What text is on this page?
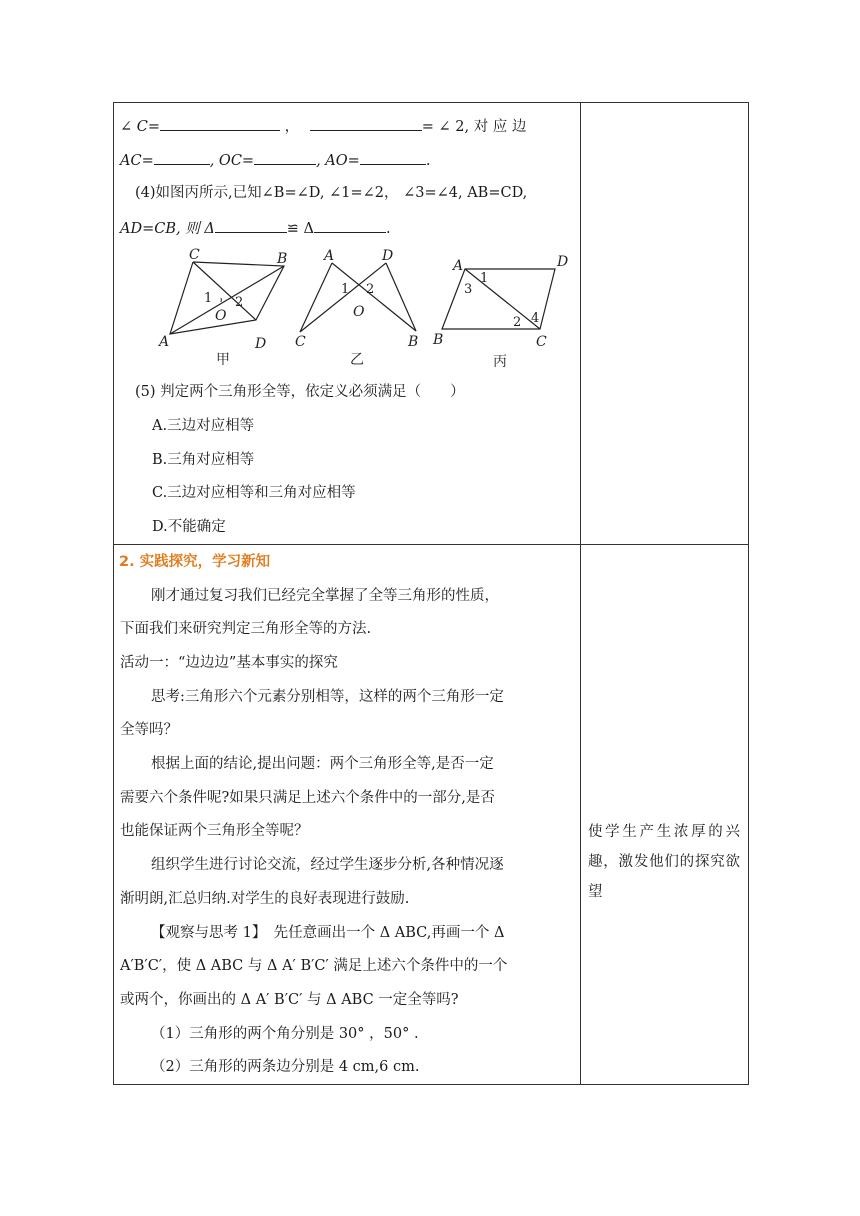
∠ C=	，	= ∠ 2, 对 应 边
AC=	, OC=	, AO=	.
(4)如图丙所示,已知∠B=∠D, ∠1=∠2， ∠3=∠4, AB=CD,
AD=CB, 则 Δ	≌ Δ	.
C	B
A	D
O
1 2
甲
A	D
C	B
O
1 2
乙
A	D
B	C
1
3
2 4
丙
(5) 判定两个三角形全等，依定义必须满足（　　）
A.三边对应相等
B.三角对应相等
C.三边对应相等和三角对应相等
D.不能确定
2. 实践探究，学习新知
刚才通过复习我们已经完全掌握了全等三角形的性质，
下面我们来研究判定三角形全等的方法.
活动一：“边边边”基本事实的探究
思考:三角形六个元素分别相等，这样的两个三角形一定
全等吗？
根据上面的结论,提出问题：两个三角形全等,是否一定
需要六个条件呢?如果只满足上述六个条件中的一部分,是否
也能保证两个三角形全等呢？
组织学生进行讨论交流，经过学生逐步分析,各种情况逐
渐明朗,汇总归纳.对学生的良好表现进行鼓励.
【观察与思考 1】　先任意画出一个 Δ ABC,再画一个 Δ
A′B′C′，使 Δ ABC 与 Δ A′ B′C′ 满足上述六个条件中的一个
或两个，你画出的 Δ A′ B′C′ 与 Δ ABC 一定全等吗?
（1）三角形的两个角分别是 30° ，50° .
（2）三角形的两条边分别是 4 cm,6 cm.
使学生产生浓厚的兴趣，激发他们的探究欲望
